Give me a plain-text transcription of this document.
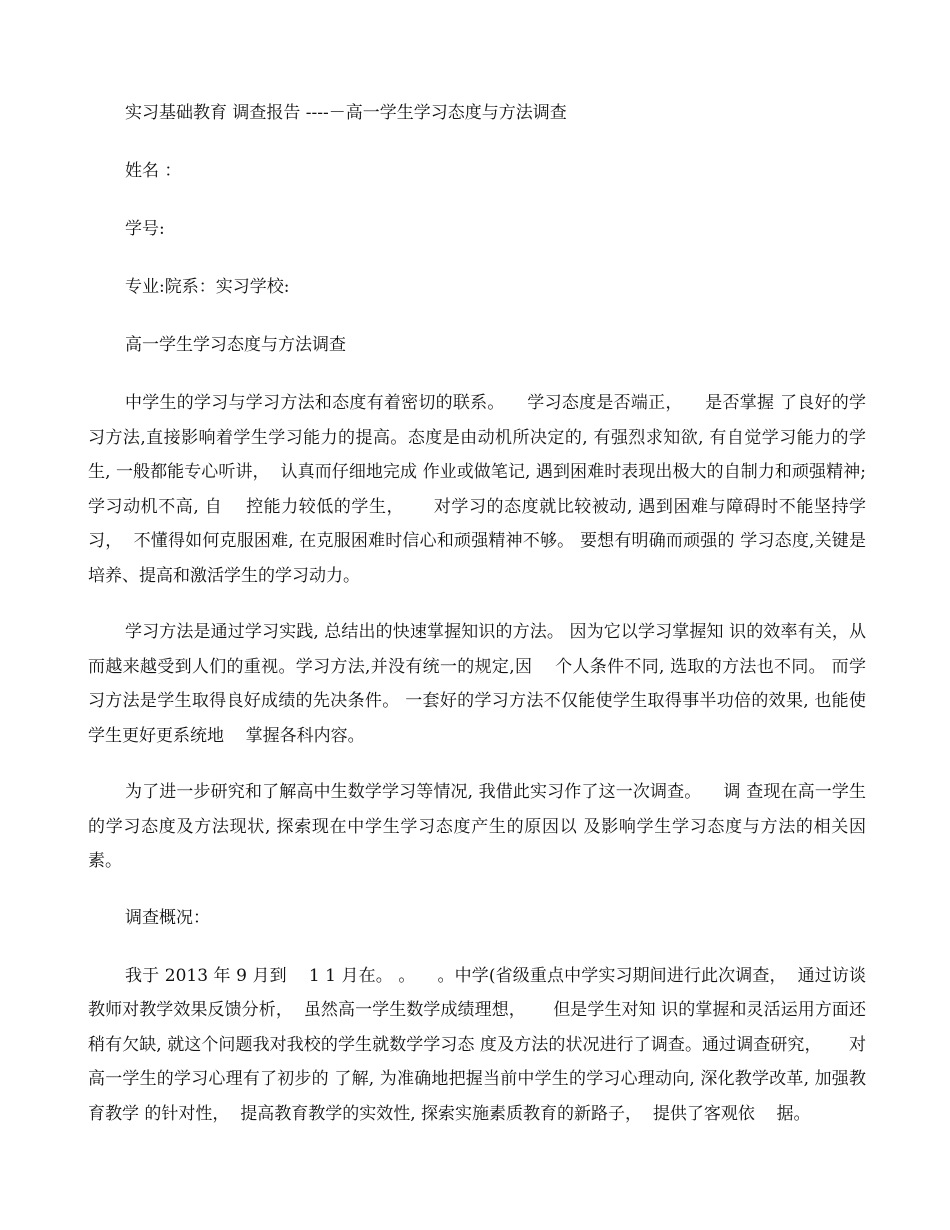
实习基础教育 调查报告 ----－高一学生学习态度与方法调查

姓名 ：

学号:

专业:院系：实习学校:

高一学生学习态度与方法调查

中学生的学习与学习方法和态度有着密切的联系。    学习态度是否端正，    是否掌握 了良好的学习方法,直接影响着学生学习能力的提高。态度是由动机所决定的, 有强烈求知欲, 有自觉学习能力的学生, 一般都能专心听讲，  认真而仔细地完成 作业或做笔记, 遇到困难时表现出极大的自制力和顽强精神; 学习动机不高, 自    控能力较低的学生，     对学习的态度就比较被动, 遇到困难与障碍时不能坚持学习，  不懂得如何克服困难, 在克服困难时信心和顽强精神不够。 要想有明确而顽强的 学习态度,关键是培养、提高和激活学生的学习动力。

学习方法是通过学习实践, 总结出的快速掌握知识的方法。 因为它以学习掌握知 识的效率有关，从而越来越受到人们的重视。学习方法,并没有统一的规定,因    个人条件不同, 选取的方法也不同。 而学习方法是学生取得良好成绩的先决条件。 一套好的学习方法不仅能使学生取得事半功倍的效果, 也能使学生更好更系统地    掌握各科内容。

为了进一步研究和了解高中生数学学习等情况, 我借此实习作了这一次调查。    调 查现在高一学生的学习态度及方法现状, 探索现在中学生学习态度产生的原因以 及影响学生学习态度与方法的相关因素。

调查概况：

我于 2013 年 9 月到    1 1 月在。 。    。中学(省级重点中学实习期间进行此次调查，  通过访谈教师对教学效果反馈分析，  虽然高一学生数学成绩理想，     但是学生对知 识的掌握和灵活运用方面还稍有欠缺, 就这个问题我对我校的学生就数学学习态 度及方法的状况进行了调查。通过调查研究，     对高一学生的学习心理有了初步的 了解, 为准确地把握当前中学生的学习心理动向, 深化教学改革, 加强教育教学 的针对性，  提高教育教学的实效性, 探索实施素质教育的新路子，  提供了客观依    据。
